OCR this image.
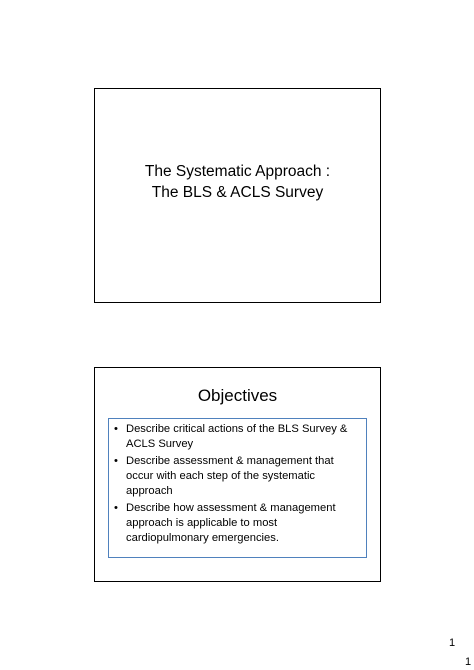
The Systematic Approach :
The BLS & ACLS Survey
Objectives
• Describe critical actions of the BLS Survey & ACLS Survey
• Describe assessment & management that occur with each step of the systematic approach
• Describe how assessment & management approach is applicable to most cardiopulmonary emergencies.
1
1
